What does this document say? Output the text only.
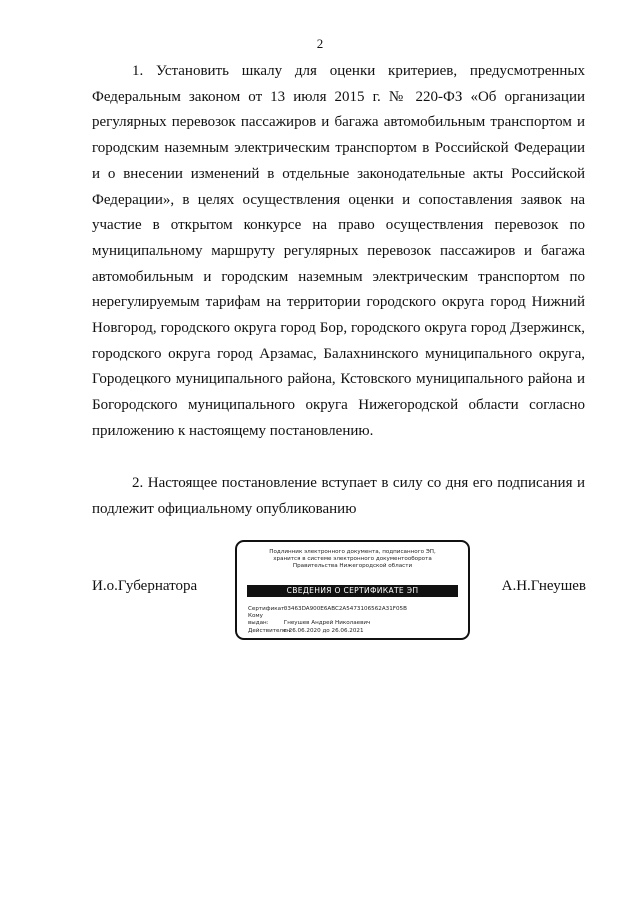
2

1. Установить шкалу для оценки критериев, предусмотренных Федеральным законом от 13 июля 2015 г. № 220-ФЗ «Об организации регулярных перевозок пассажиров и багажа автомобильным транспортом и городским наземным электрическим транспортом в Российской Федерации и о внесении изменений в отдельные законодательные акты Российской Федерации», в целях осуществления оценки и сопоставления заявок на участие в открытом конкурсе на право осуществления перевозок по муниципальному маршруту регулярных перевозок пассажиров и багажа автомобильным и городским наземным электрическим транспортом по нерегулируемым тарифам на территории городского округа город Нижний Новгород, городского округа город Бор, городского округа город Дзержинск, городского округа город Арзамас, Балахнинского муниципального округа, Городецкого муниципального района, Кстовского муниципального района и Богородского муниципального округа Нижегородской области согласно приложению к настоящему постановлению.

2. Настоящее постановление вступает в силу со дня его подписания и подлежит официальному опубликованию

И.о.Губернатора
Подлинник электронного документа, подписанного ЭП,
хранится в системе электронного документооборота
Правительства Нижегородской области
СВЕДЕНИЯ О СЕРТИФИКАТЕ ЭП
Сертификат: 03463DA900E6ABC2A5473106562A31F05B
Кому выдан:	Гнеушев Андрей Николаевич
Действителен: с 26.06.2020 до 26.06.2021
А.Н.Гнеушев
